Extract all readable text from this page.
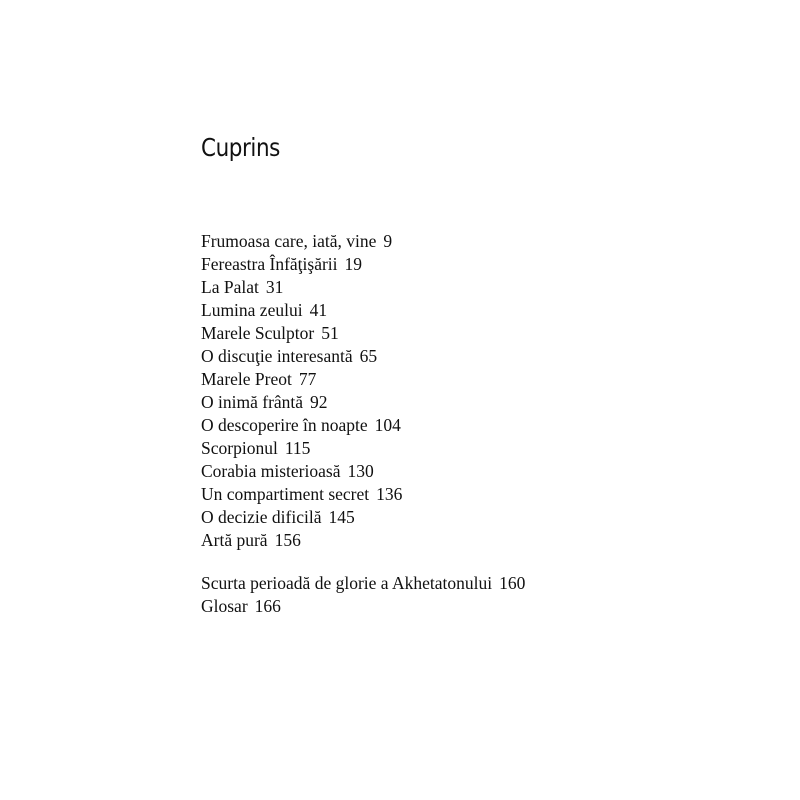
Cuprins
Frumoasa care, iată, vine 9
Fereastra Înfăţişării 19
La Palat 31
Lumina zeului 41
Marele Sculptor 51
O discuţie interesantă 65
Marele Preot 77
O inimă frântă 92
O descoperire în noapte 104
Scorpionul 115
Corabia misterioasă 130
Un compartiment secret 136
O decizie dificilă 145
Artă pură 156
Scurta perioadă de glorie a Akhetatonului 160
Glosar 166
